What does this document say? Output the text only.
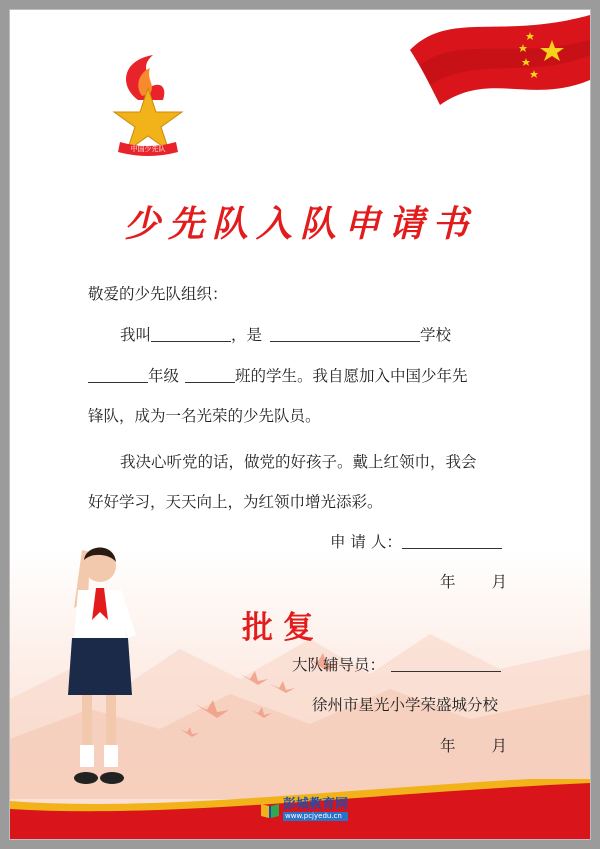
中国少先队
少先队入队申请书
敬爱的少先队组织：
我叫	，是	学校
年级	班的学生。我自愿加入中国少年先
锋队，成为一名光荣的少先队员。
我决心听党的话，做党的好孩子。戴上红领巾，我会
好好学习，天天向上，为红领巾增光添彩。
申 请 人：
年 月
批复
大队辅导员：
徐州市星光小学荣盛城分校
年 月
彭城教育网
www.pcjyedu.cn
